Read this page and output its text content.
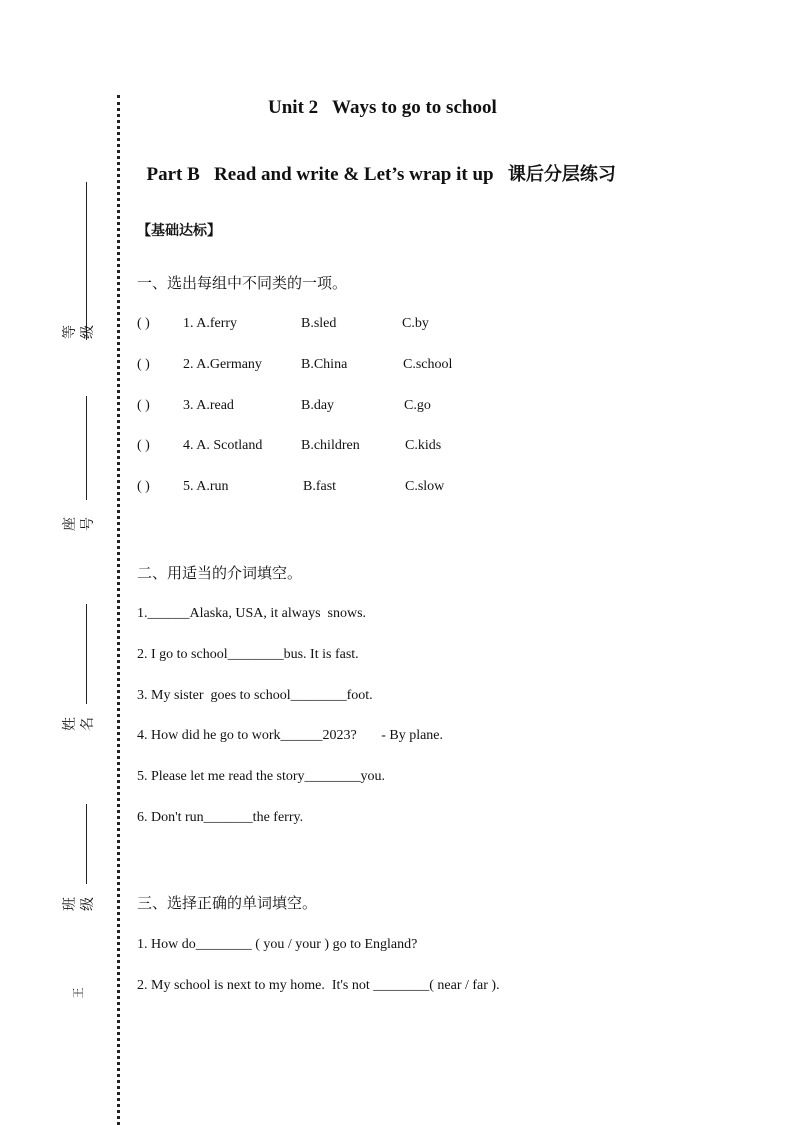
等级
座号
姓名
班级
王
Unit 2   Ways to go to school

Part B   Read and write & Let’s wrap it up 课后分层练习

【基础达标】
一、选出每组中不同类的一项。
( ) 1. A.ferry	B.sled	C.by
( ) 2. A.Germany	B.China	C.school
( ) 3. A.read	B.day	C.go
( ) 4. A. Scotland	B.children	C.kids
( ) 5. A.run	B.fast	C.slow
二、用适当的介词填空。
1.______Alaska, USA, it always  snows.
2. I go to school________bus. It is fast.
3. My sister  goes to school________foot.
4. How did he go to work______2023?       - By plane.
5. Please let me read the story________you.
6. Don't run_______the ferry.
三、选择正确的单词填空。
1. How do________ ( you / your ) go to England?
2. My school is next to my home.  It's not ________( near / far ).
